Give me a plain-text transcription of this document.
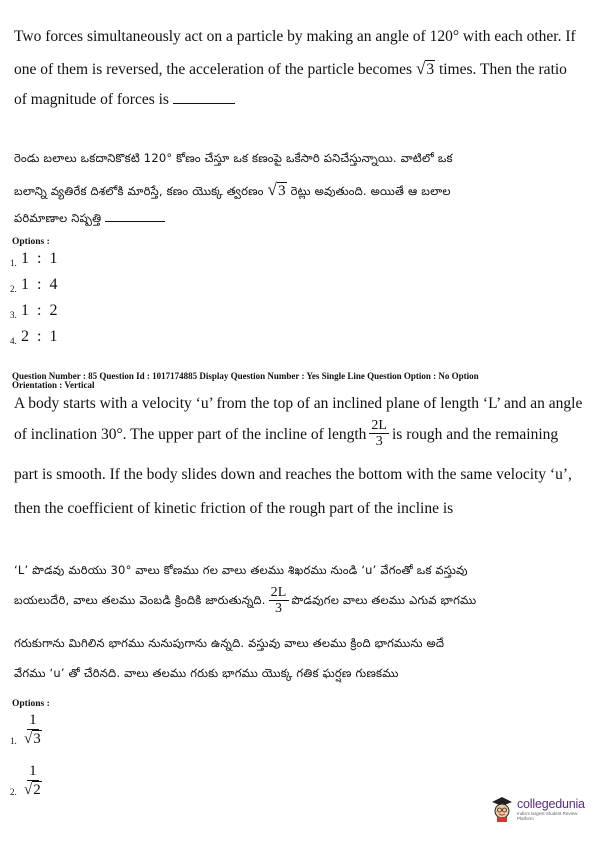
Two forces simultaneously act on a particle by making an angle of 120° with each other. If
one of them is reversed, the acceleration of the particle becomes √3 times. Then the ratio
of magnitude of forces is
రెండు బలాలు ఒకదానికొకటి 120° కోణం చేస్తూ ఒక కణంపై ఒకేసారి పనిచేస్తున్నాయి. వాటిలో ఒక
బలాన్ని వ్యతిరేక దిశలోకి మారిస్తే, కణం యొక్క త్వరణం √3 రెట్లు అవుతుంది. అయితే ఆ బలాల
పరిమాణాల నిష్పత్తి
Options :
1. 1 : 1
2. 1 : 4
3. 1 : 2
4. 2 : 1
Question Number : 85 Question Id : 1017174885 Display Question Number : Yes Single Line Question Option : No Option
Orientation : Vertical
A body starts with a velocity ‘u’ from the top of an inclined plane of length ‘L’ and an angle
of inclination 30°. The upper part of the incline of length $\frac{2L}{3}$ is rough and the remaining
part is smooth. If the body slides down and reaches the bottom with the same velocity ‘u’,
then the coefficient of kinetic friction of the rough part of the incline is
‘L’ పొడవు మరియు 30° వాలు కోణము గల వాలు తలము శిఖరము నుండి ‘u’ వేగంతో ఒక వస్తువు
బయలుదేరి, వాలు తలము వెంబడి క్రిందికి జారుతున్నది. $\frac{2L}{3}$ పొడవుగల వాలు తలము ఎగువ భాగము
గరుకుగాను మిగిలిన భాగము నునుపుగాను ఉన్నది. వస్తువు వాలు తలము క్రింది భాగమును అదే
వేగము ‘u’ తో చేరినది. వాలు తలము గరుకు భాగము యొక్క గతిక ఘర్షణ గుణకము
Options :
1. $\frac{1}{√3}$
2. $\frac{1}{√2}$
collegedunia
India's largest Student Review Platform
